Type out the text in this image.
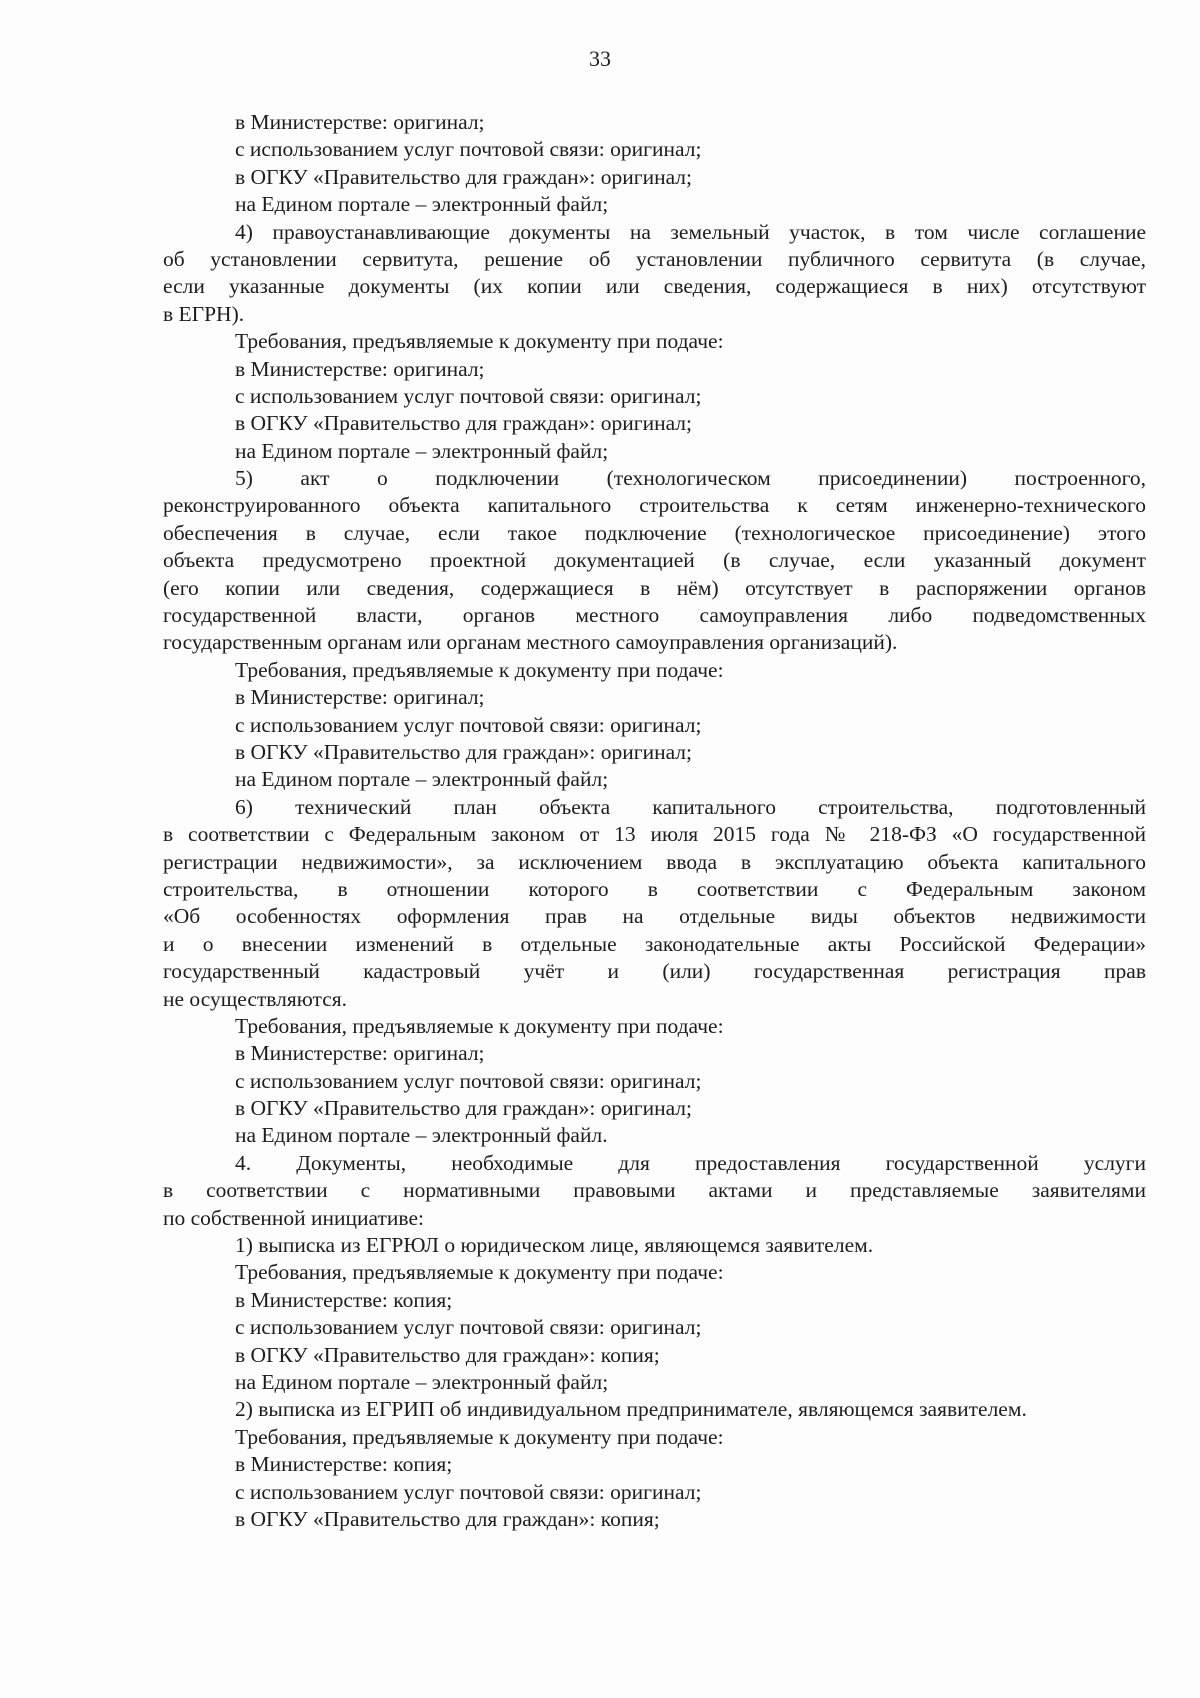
33
в Министерстве: оригинал;
с использованием услуг почтовой связи: оригинал;
в ОГКУ «Правительство для граждан»: оригинал;
на Едином портале – электронный файл;
4) правоустанавливающие документы на земельный участок, в том числе соглашение
об установлении сервитута, решение об установлении публичного сервитута (в случае,
если указанные документы (их копии или сведения, содержащиеся в них) отсутствуют
в ЕГРН).
Требования, предъявляемые к документу при подаче:
в Министерстве: оригинал;
с использованием услуг почтовой связи: оригинал;
в ОГКУ «Правительство для граждан»: оригинал;
на Едином портале – электронный файл;
5) акт о подключении (технологическом присоединении) построенного,
реконструированного объекта капитального строительства к сетям инженерно-технического
обеспечения в случае, если такое подключение (технологическое присоединение) этого
объекта предусмотрено проектной документацией (в случае, если указанный документ
(его копии или сведения, содержащиеся в нём) отсутствует в распоряжении органов
государственной власти, органов местного самоуправления либо подведомственных
государственным органам или органам местного самоуправления организаций).
Требования, предъявляемые к документу при подаче:
в Министерстве: оригинал;
с использованием услуг почтовой связи: оригинал;
в ОГКУ «Правительство для граждан»: оригинал;
на Едином портале – электронный файл;
6) технический план объекта капитального строительства, подготовленный
в соответствии с Федеральным законом от 13 июля 2015 года № 218-ФЗ «О государственной
регистрации недвижимости», за исключением ввода в эксплуатацию объекта капитального
строительства, в отношении которого в соответствии с Федеральным законом
«Об особенностях оформления прав на отдельные виды объектов недвижимости
и о внесении изменений в отдельные законодательные акты Российской Федерации»
государственный кадастровый учёт и (или) государственная регистрация прав
не осуществляются.
Требования, предъявляемые к документу при подаче:
в Министерстве: оригинал;
с использованием услуг почтовой связи: оригинал;
в ОГКУ «Правительство для граждан»: оригинал;
на Едином портале – электронный файл.
4. Документы, необходимые для предоставления государственной услуги
в соответствии с нормативными правовыми актами и представляемые заявителями
по собственной инициативе:
1) выписка из ЕГРЮЛ о юридическом лице, являющемся заявителем.
Требования, предъявляемые к документу при подаче:
в Министерстве: копия;
с использованием услуг почтовой связи: оригинал;
в ОГКУ «Правительство для граждан»: копия;
на Едином портале – электронный файл;
2) выписка из ЕГРИП об индивидуальном предпринимателе, являющемся заявителем.
Требования, предъявляемые к документу при подаче:
в Министерстве: копия;
с использованием услуг почтовой связи: оригинал;
в ОГКУ «Правительство для граждан»: копия;
